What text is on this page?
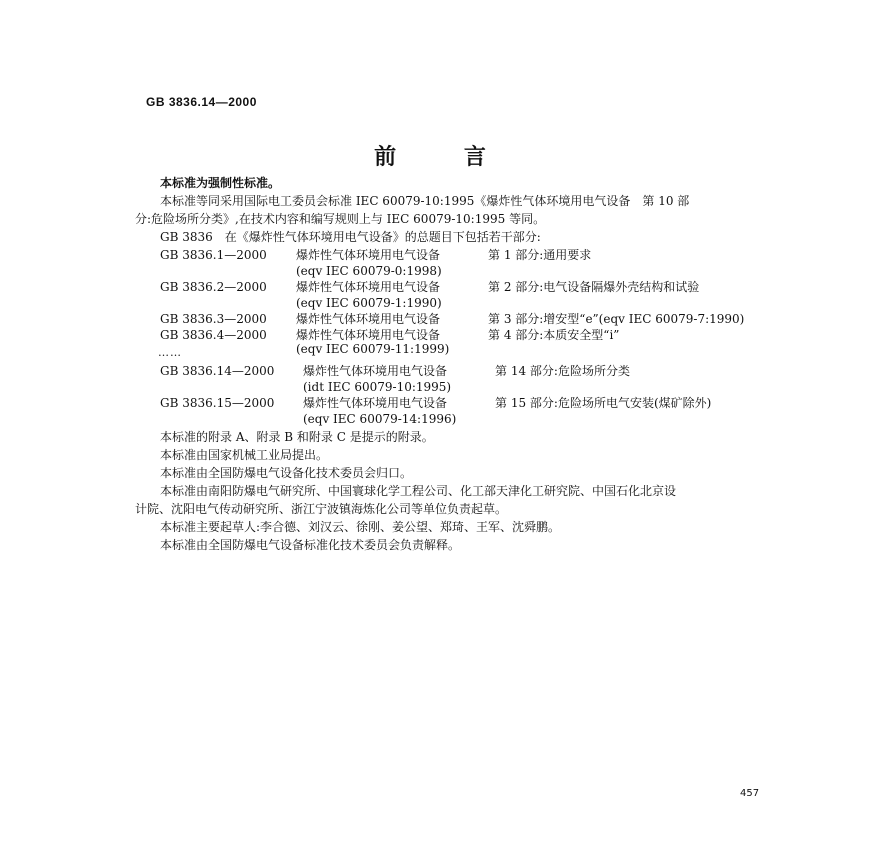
GB 3836.14—2000
前 言
本标准为强制性标准。
本标准等同采用国际电工委员会标准 IEC 60079-10:1995《爆炸性气体环境用电气设备　第 10 部
分:危险场所分类》,在技术内容和编写规则上与 IEC 60079-10:1995 等同。
GB 3836　在《爆炸性气体环境用电气设备》的总题目下包括若干部分:
GB 3836.1—2000 爆炸性气体环境用电气设备	第 1 部分:通用要求
(eqv IEC 60079-0:1998)
GB 3836.2—2000 爆炸性气体环境用电气设备	第 2 部分:电气设备隔爆外壳结构和试验
(eqv IEC 60079-1:1990)
GB 3836.3—2000 爆炸性气体环境用电气设备	第 3 部分:增安型“e”(eqv IEC 60079-7:1990)
GB 3836.4—2000 爆炸性气体环境用电气设备	第 4 部分:本质安全型“i”
(eqv IEC 60079-11:1999)
……
GB 3836.14—2000 爆炸性气体环境用电气设备	第 14 部分:危险场所分类
(idt IEC 60079-10:1995)
GB 3836.15—2000 爆炸性气体环境用电气设备	第 15 部分:危险场所电气安装(煤矿除外)
(eqv IEC 60079-14:1996)
本标准的附录 A、附录 B 和附录 C 是提示的附录。
本标准由国家机械工业局提出。
本标准由全国防爆电气设备化技术委员会归口。
本标准由南阳防爆电气研究所、中国寰球化学工程公司、化工部天津化工研究院、中国石化北京设
计院、沈阳电气传动研究所、浙江宁波镇海炼化公司等单位负责起草。
本标准主要起草人:李合德、刘汉云、徐刚、姜公望、郑琦、王军、沈舜鹏。
本标准由全国防爆电气设备标准化技术委员会负责解释。
457
